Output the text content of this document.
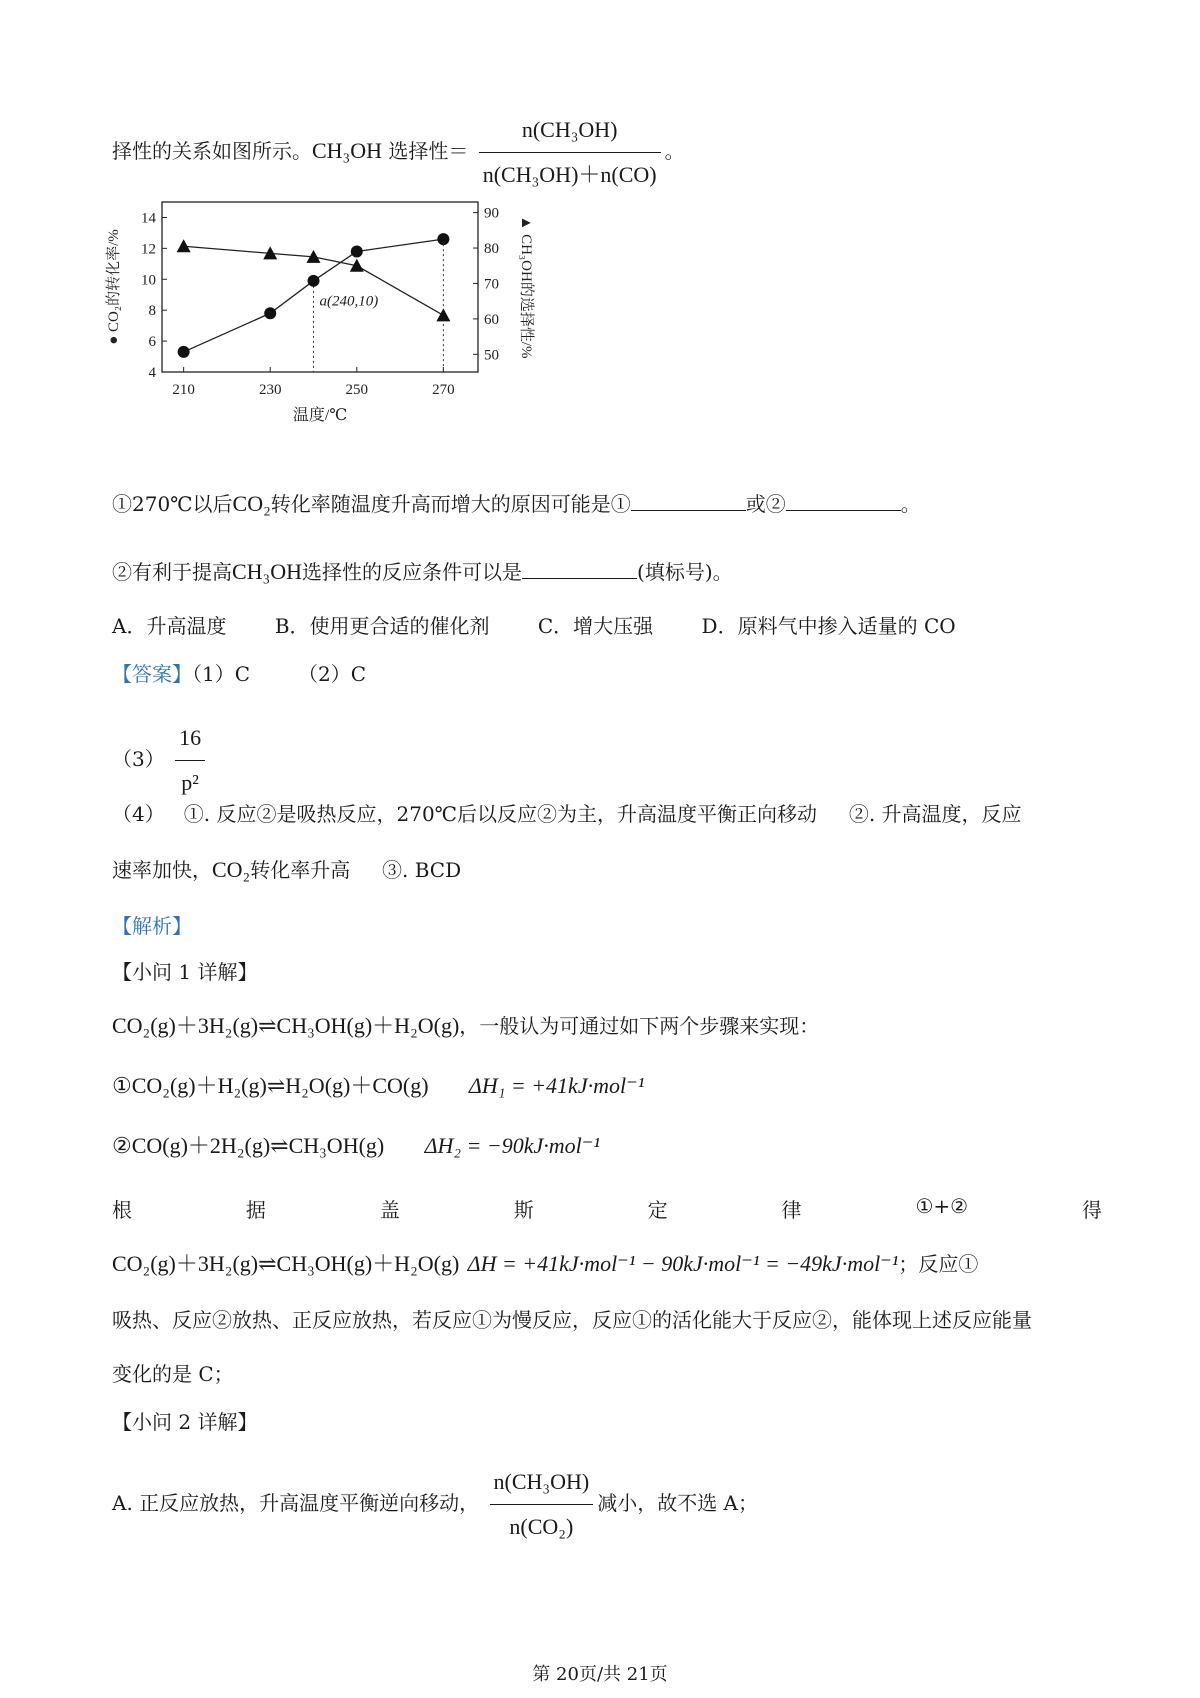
择性的关系如图所示。CH₃OH 选择性＝ $\frac{\text{n(CH₃OH)}}{\text{n(CH₃OH)＋n(CO)}}$ 。
4
6
8
10
12
14
50
60
70
80
90
210	230	250	270
温度/℃
● CO₂的转化率/%	▲ CH₃OH的选择性/%
a(240,10)
①270℃以后CO₂转化率随温度升高而增大的原因可能是①	或②	。
②有利于提高CH₃OH选择性的反应条件可以是	(填标号)。
A．升高温度 B．使用更合适的催化剂 C．增大压强 D．原料气中掺入适量的 CO
【答案】（1）C （2）C
$(3) \frac{16}{\text{p²}}$
（4）   ①. 反应②是吸热反应，270℃后以反应②为主，升高温度平衡正向移动     ②. 升高温度，反应
速率加快，CO₂转化率升高     ③. BCD
【解析】
【小问 1 详解】
CO₂(g)＋3H₂(g)⇌CH₃OH(g)＋H₂O(g)，一般认为可通过如下两个步骤来实现：
①CO₂(g)＋H₂(g)⇌H₂O(g)＋CO(g) ΔH₁ = +41kJ·mol⁻¹
②CO(g)＋2H₂(g)⇌CH₃OH(g) ΔH₂ = −90kJ·mol⁻¹
根	据	盖	斯	定	律	①+②	得
CO₂(g)＋3H₂(g)⇌CH₃OH(g)＋H₂O(g) ΔH = +41kJ·mol⁻¹ − 90kJ·mol⁻¹ = −49kJ·mol⁻¹；反应①
吸热、反应②放热、正反应放热，若反应①为慢反应，反应①的活化能大于反应②，能体现上述反应能量
变化的是 C；
【小问 2 详解】
A. 正反应放热，升高温度平衡逆向移动， $\frac{\text{n(CH₃OH)}}{\text{n(CO₂)}}$ 减小，故不选 A；
第 20页/共 21页
